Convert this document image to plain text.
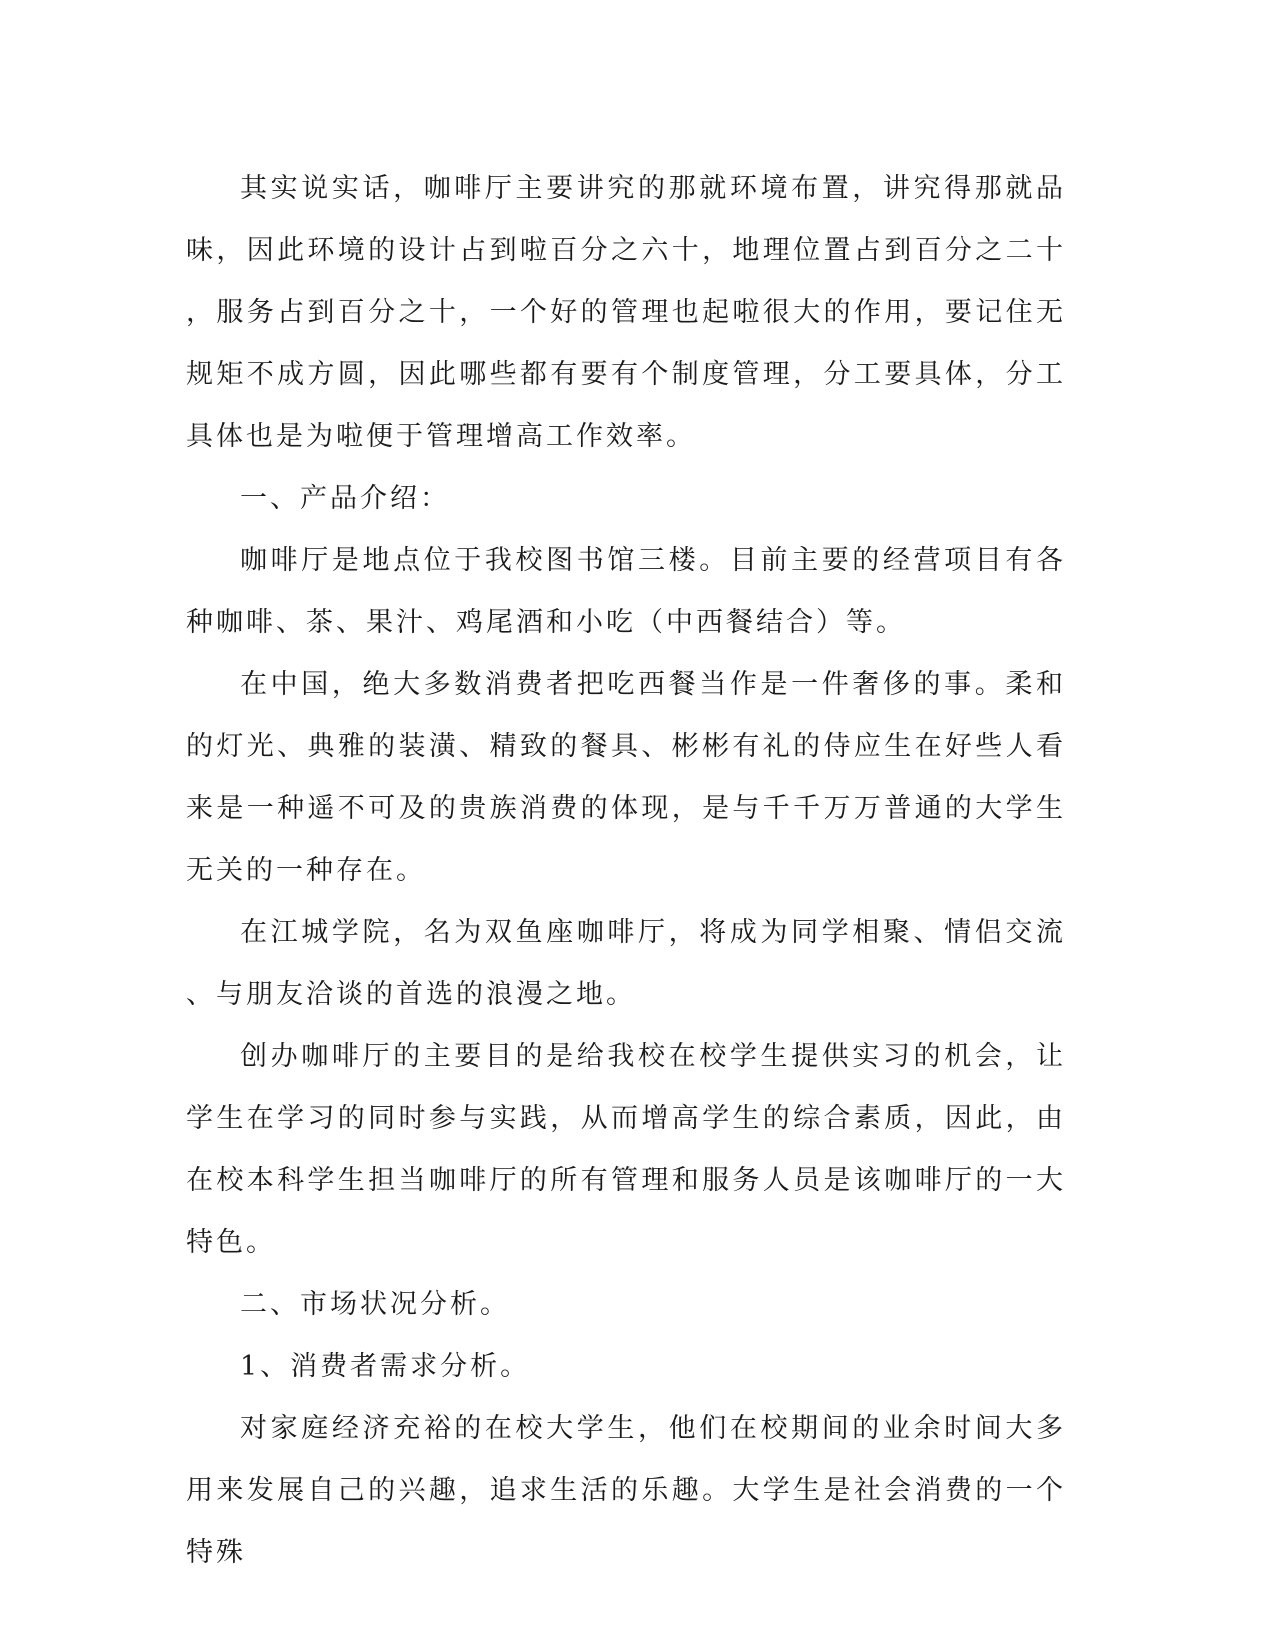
其实说实话，咖啡厅主要讲究的那就环境布置，讲究得那就品味，因此环境的设计占到啦百分之六十，地理位置占到百分之二十，服务占到百分之十，一个好的管理也起啦很大的作用，要记住无规矩不成方圆，因此哪些都有要有个制度管理，分工要具体，分工具体也是为啦便于管理增高工作效率。

一、产品介绍：

咖啡厅是地点位于我校图书馆三楼。目前主要的经营项目有各种咖啡、茶、果汁、鸡尾酒和小吃（中西餐结合）等。

在中国，绝大多数消费者把吃西餐当作是一件奢侈的事。柔和的灯光、典雅的装潢、精致的餐具、彬彬有礼的侍应生在好些人看来是一种遥不可及的贵族消费的体现，是与千千万万普通的大学生无关的一种存在。

在江城学院，名为双鱼座咖啡厅，将成为同学相聚、情侣交流、与朋友洽谈的首选的浪漫之地。

创办咖啡厅的主要目的是给我校在校学生提供实习的机会，让学生在学习的同时参与实践，从而增高学生的综合素质，因此，由在校本科学生担当咖啡厅的所有管理和服务人员是该咖啡厅的一大特色。

二、市场状况分析。

1、消费者需求分析。

对家庭经济充裕的在校大学生，他们在校期间的业余时间大多用来发展自己的兴趣，追求生活的乐趣。大学生是社会消费的一个特殊
